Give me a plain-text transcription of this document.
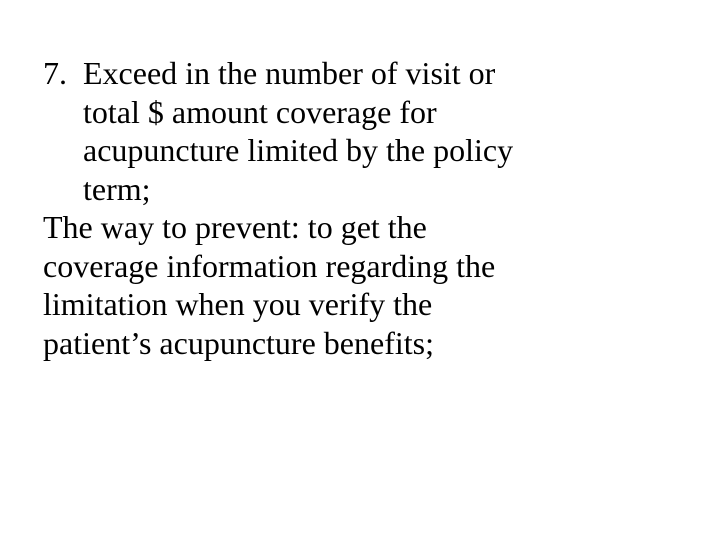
7. Exceed in the number of visit or
total $ amount coverage for
acupuncture limited by the policy
term;
The way to prevent: to get the
coverage information regarding the
limitation when you verify the
patient’s acupuncture benefits;
